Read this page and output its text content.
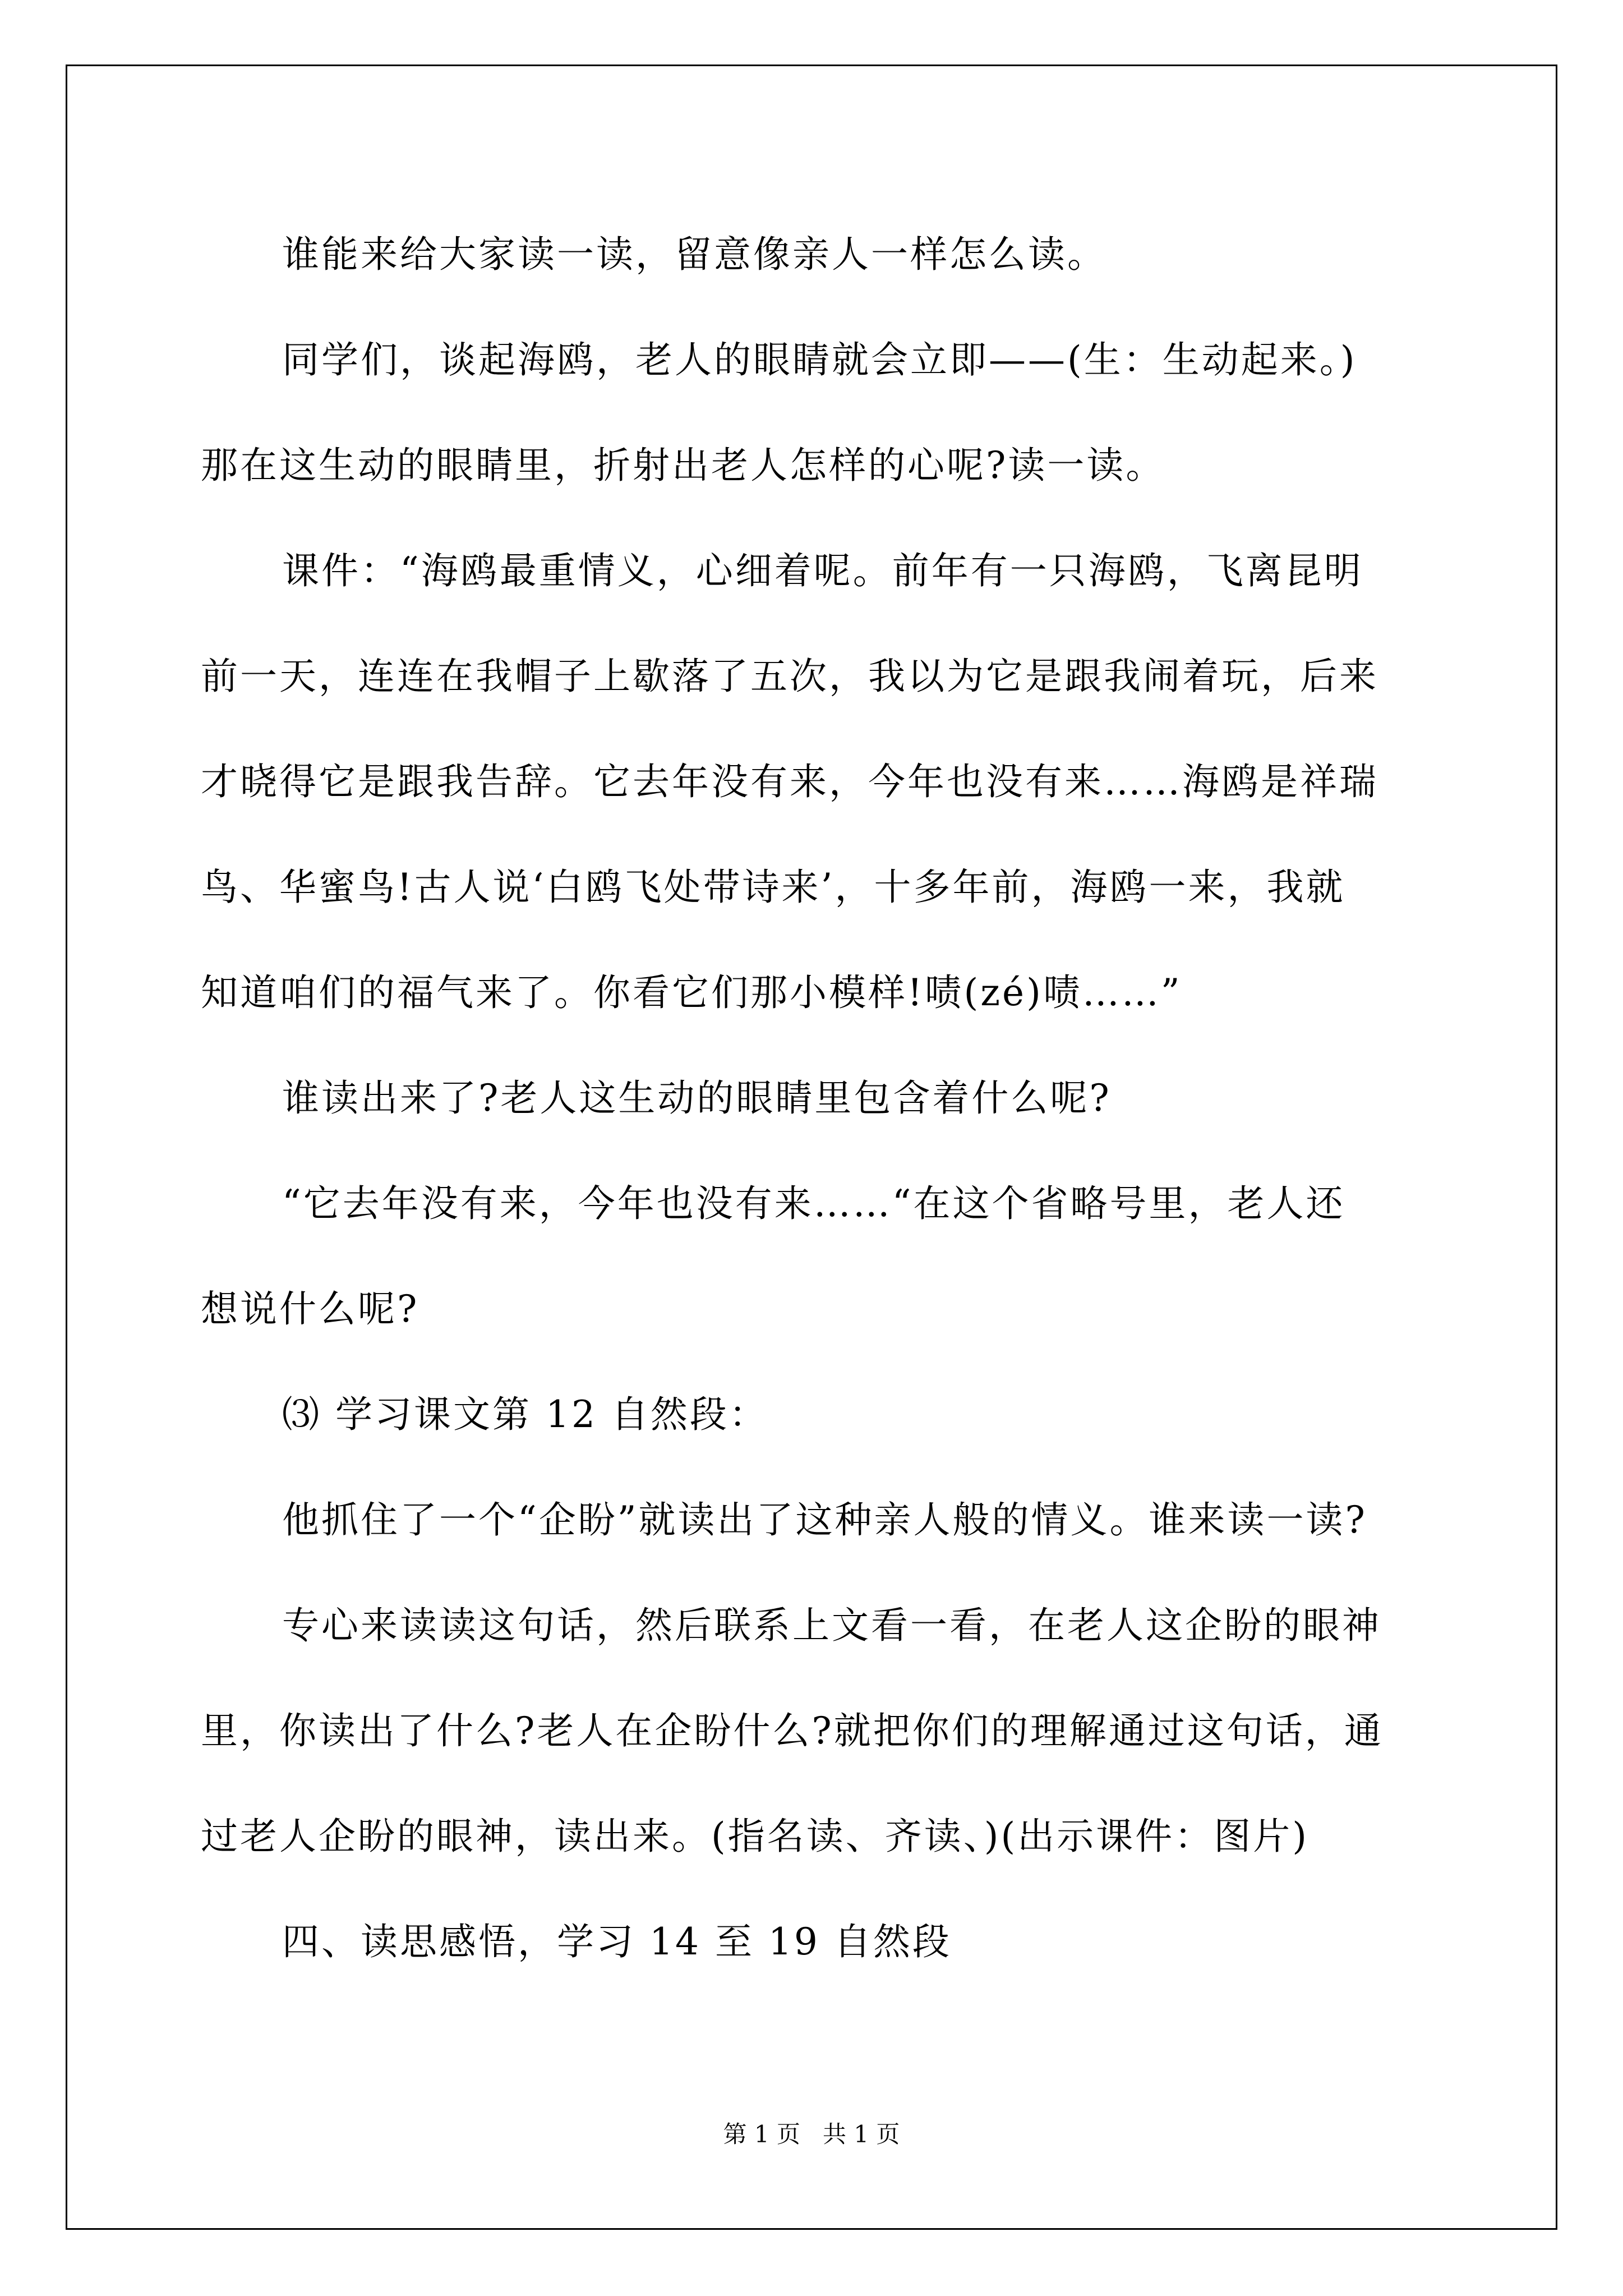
谁能来给大家读一读，留意像亲人一样怎么读。
同学们，谈起海鸥，老人的眼睛就会立即——(生：生动起来。)
那在这生动的眼睛里，折射出老人怎样的心呢?读一读。
课件：“海鸥最重情义，心细着呢。前年有一只海鸥，飞离昆明
前一天，连连在我帽子上歇落了五次，我以为它是跟我闹着玩，后来
才晓得它是跟我告辞。它去年没有来，今年也没有来……海鸥是祥瑞
鸟、华蜜鸟!古人说‘白鸥飞处带诗来’，十多年前，海鸥一来，我就
知道咱们的福气来了。你看它们那小模样!啧(zé)啧……”
谁读出来了?老人这生动的眼睛里包含着什么呢?
“它去年没有来，今年也没有来……“在这个省略号里，老人还
想说什么呢?
⑶ 学习课文第 12 自然段：
他抓住了一个“企盼”就读出了这种亲人般的情义。谁来读一读?
专心来读读这句话，然后联系上文看一看，在老人这企盼的眼神
里，你读出了什么?老人在企盼什么?就把你们的理解通过这句话，通
过老人企盼的眼神，读出来。(指名读、齐读、)(出示课件：图片)
四、读思感悟，学习 14 至 19 自然段
第 1 页 共 1 页
